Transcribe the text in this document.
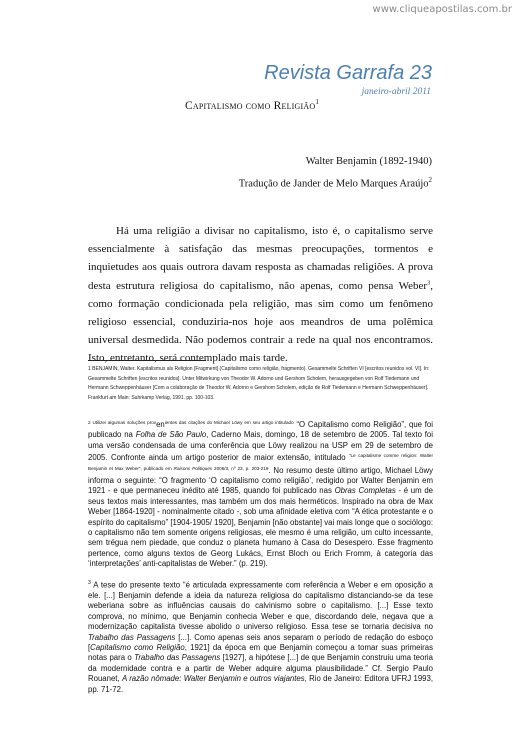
www.cliqueapostilas.com.br
Revista Garrafa 23
janeiro-abril 2011
Capitalismo como Religião$^1$
Walter Benjamin (1892-1940)
Tradução de Jander de Melo Marques Araújo$^2$

Há uma religião a divisar no capitalismo, isto é, o capitalismo serve essencialmente à satisfação das mesmas preocupações, tormentos e inquietudes aos quais outrora davam resposta as chamadas religiões. A prova desta estrutura religiosa do capitalismo, não apenas, como pensa Weber$^3$, como formação condicionada pela religião, mas sim como um fenômeno religioso essencial, conduziria-nos hoje aos meandros de uma polêmica universal desmedida. Não podemos contrair a rede na qual nos encontramos. Isto, entretanto, será contemplado mais tarde.

1 BENJAMIN, Walter. Kapitalismus als Religion [Fragment] (Capitalismo como religião, fragmento). Gesammelte Schriften VI [escritos reunidos vol. VI]. In: Gesammelte Schriften [escritos reunidos]. Unter Mitwirkung von Theodor W. Adorno und Gershom Scholem, herausgegeben von Rolf Tiedemann und Hermann Schweppenhäuser [Com a colaboração de Theodor W. Adorno e Gershom Scholem, edição de Rolf Tiedemann e Hermann Schweppenhäuser]. Frankfurt am Main: Suhrkamp Verlag, 1991. pp. 100-103.

$^{2 Utilizei algumas soluções prov}en^{ientes das citações do Michael Löwy em seu artigo intitulado}$ “O Capitalismo como Religião”, que foi publicado na Folha de São Paulo, Caderno Mais, domingo, 18 de setembro de 2005. Tal texto foi uma versão condensada de uma conferência que Löwy realizou na USP em 29 de setembro de 2005. Confronte ainda um artigo posterior de maior extensão, intitulado $^{“Le capitalisme comme religion: Walter Benjamin et Max Weber”, publicado em}$ $^{Raisons Politiques}$ $^{2006/3, nº 23, p. 203-219}$. No resumo deste último artigo, Michael Löwy informa o seguinte: “O fragmento ‘O capitalismo como religião’, redigido por Walter Benjamin em 1921 - e que permaneceu inédito até 1985, quando foi publicado nas Obras Completas - é um de seus textos mais interessantes, mas também um dos mais herméticos. Inspirado na obra de Max Weber [1864-1920] - nominalmente citado -, sob uma afinidade eletiva com “A ética protestante e o espírito do capitalismo” [1904-1905/ 1920], Benjamin [não obstante] vai mais longe que o sociólogo: o capitalismo não tem somente origens religiosas, ele mesmo é uma religião, um culto incessante, sem trégua nem piedade, que conduz o planeta humano à Casa do Desespero. Esse fragmento pertence, como alguns textos de Georg Lukács, Ernst Bloch ou Erich Fromm, à categoria das ‘interpretações’ anti-capitalistas de Weber.” (p. 219).

$^3$ A tese do presente texto “é articulada expressamente com referência a Weber e em oposição a ele. [...] Benjamin defende a ideia da natureza religiosa do capitalismo distanciando-se da tese weberiana sobre as influências causais do calvinismo sobre o capitalismo. [...] Esse texto comprova, no mínimo, que Benjamin conhecia Weber e que, discordando dele, negava que a modernização capitalista tivesse abolido o universo religioso. Essa tese se tornaria decisiva no Trabalho das Passagens [...]. Como apenas seis anos separam o período de redação do esboço [Capitalismo como Religião, 1921] da época em que Benjamin começou a tomar suas primeiras notas para o Trabalho das Passagens [1927], a hipótese [...] de que Benjamin construiu uma teoria da modernidade contra e a partir de Weber adquire alguma plausibilidade.” Cf. Sergio Paulo Rouanet, A razão nômade: Walter Benjamin e outros viajantes, Rio de Janeiro: Editora UFRJ 1993, pp. 71-72.
